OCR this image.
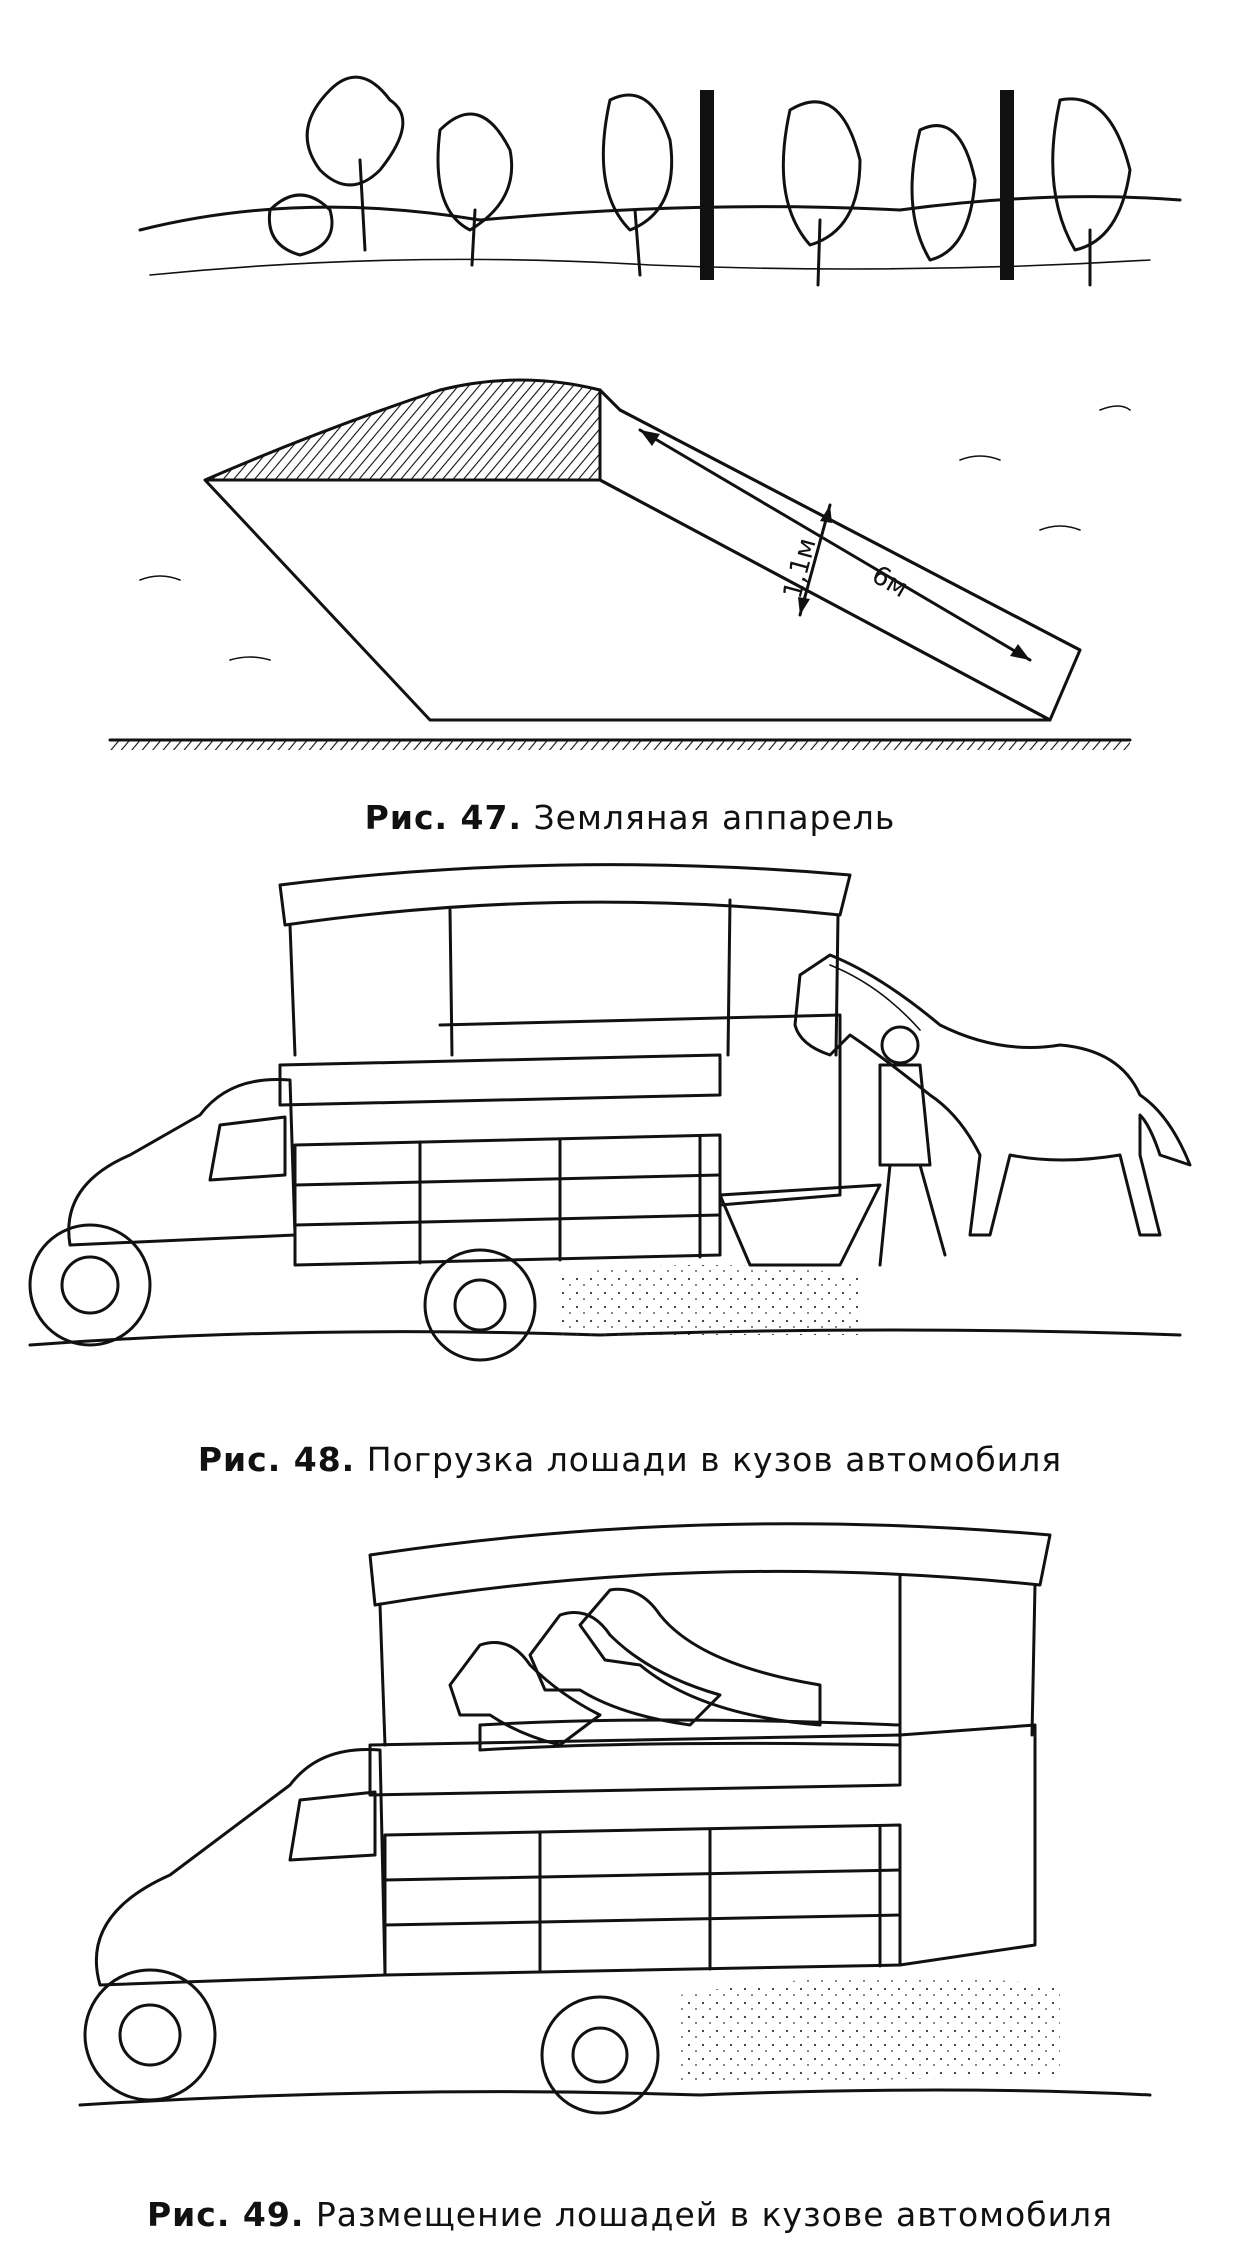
1,1м 6м
Рис. 47. Земляная аппарель
Рис. 48. Погрузка лошади в кузов автомобиля
Рис. 49. Размещение лошадей в кузове автомобиля
